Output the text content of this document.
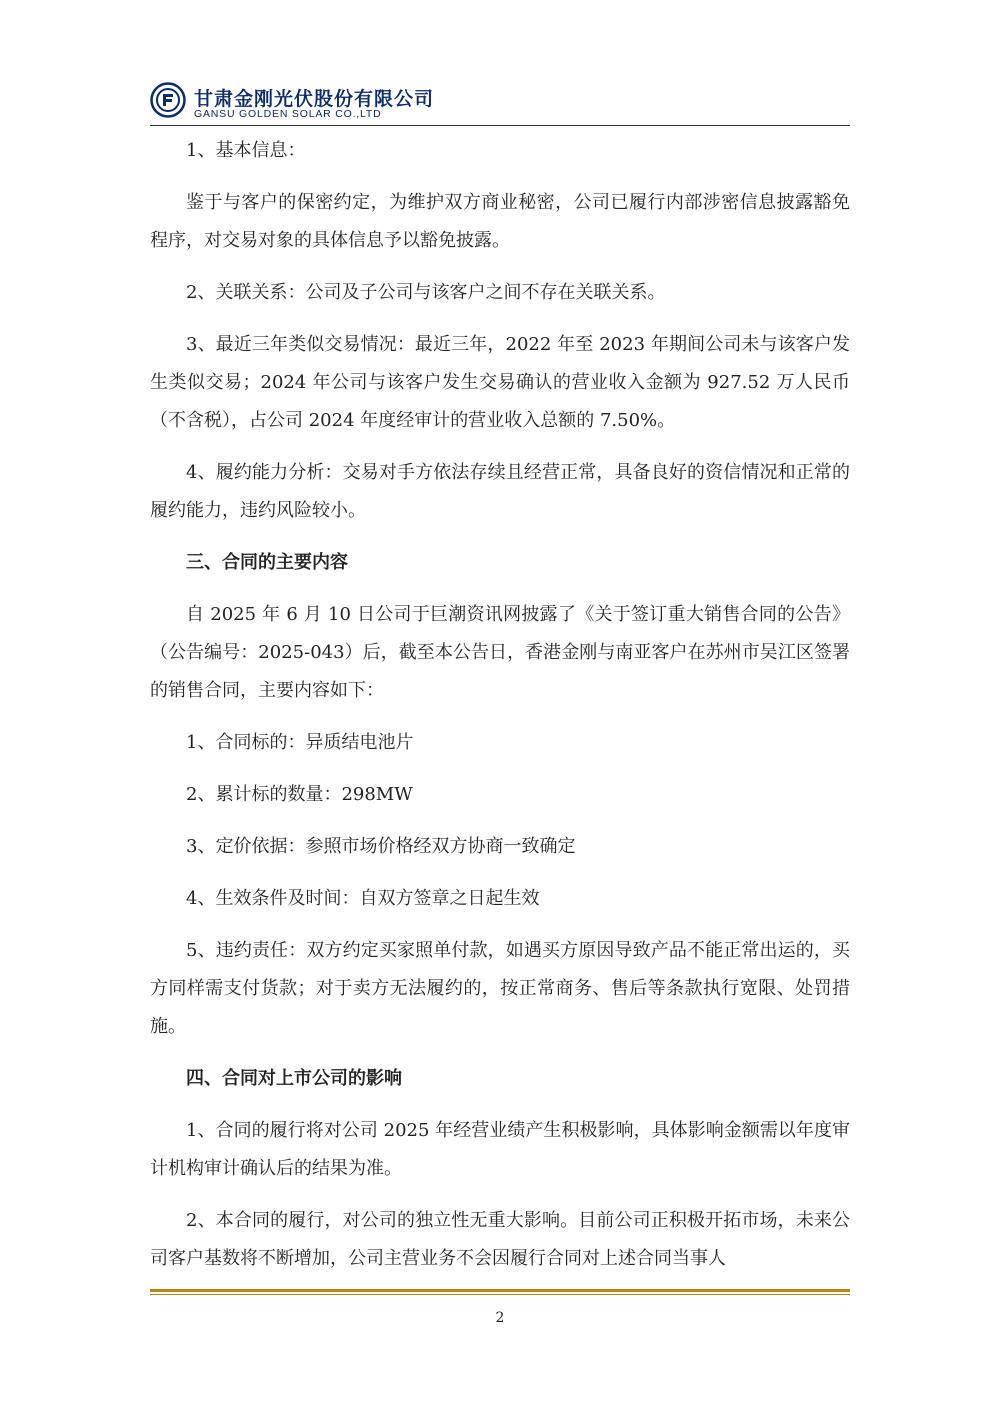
甘肃金刚光伏股份有限公司
GANSU GOLDEN SOLAR CO.,LTD

1、基本信息：

鉴于与客户的保密约定，为维护双方商业秘密，公司已履行内部涉密信息披露豁免程序，对交易对象的具体信息予以豁免披露。

2、关联关系：公司及子公司与该客户之间不存在关联关系。

3、最近三年类似交易情况：最近三年，2022 年至 2023 年期间公司未与该客户发生类似交易；2024 年公司与该客户发生交易确认的营业收入金额为 927.52 万人民币（不含税），占公司 2024 年度经审计的营业收入总额的 7.50%。

4、履约能力分析：交易对手方依法存续且经营正常，具备良好的资信情况和正常的履约能力，违约风险较小。

三、合同的主要内容

自 2025 年 6 月 10 日公司于巨潮资讯网披露了《关于签订重大销售合同的公告》（公告编号：2025-043）后，截至本公告日，香港金刚与南亚客户在苏州市吴江区签署的销售合同，主要内容如下：

1、合同标的：异质结电池片

2、累计标的数量：298MW

3、定价依据：参照市场价格经双方协商一致确定

4、生效条件及时间：自双方签章之日起生效

5、违约责任：双方约定买家照单付款，如遇买方原因导致产品不能正常出运的，买方同样需支付货款；对于卖方无法履约的，按正常商务、售后等条款执行宽限、处罚措施。

四、合同对上市公司的影响

1、合同的履行将对公司 2025 年经营业绩产生积极影响，具体影响金额需以年度审计机构审计确认后的结果为准。

2、本合同的履行，对公司的独立性无重大影响。目前公司正积极开拓市场，未来公司客户基数将不断增加，公司主营业务不会因履行合同对上述合同当事人

2
